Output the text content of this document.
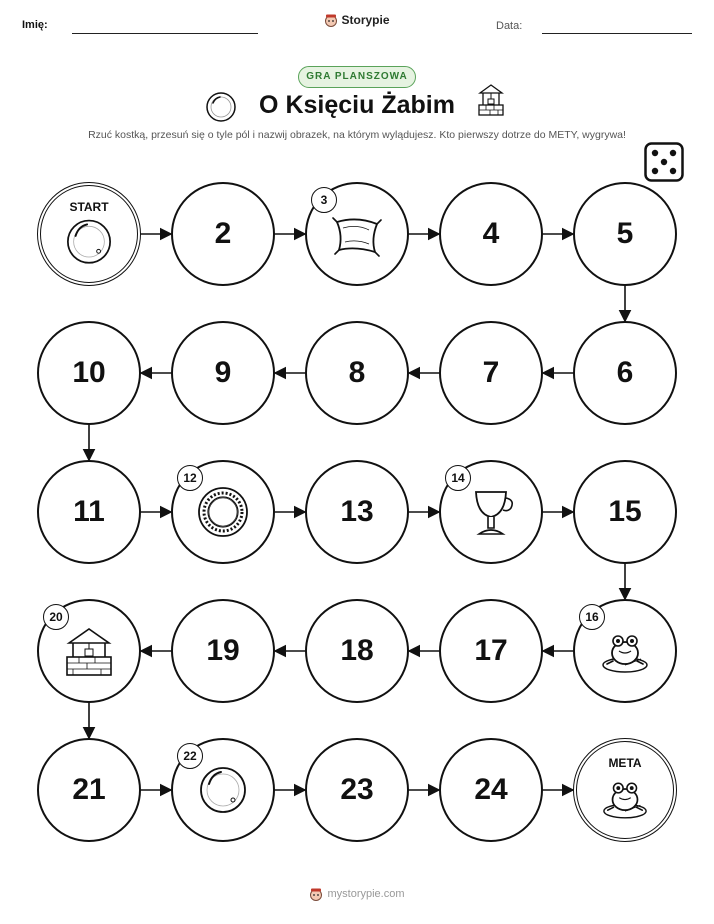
Imię:	Storypie	Data:
GRA PLANSZOWA
O Księciu Żabim
Rzuć kostką, przesuń się o tyle pól i nazwij obrazek, na którym wylądujesz. Kto pierwszy dotrze do METY, wygrywa!
START
2
3
4	5
6
7
8
9
10
11
12
13
14
15
16
17
18
19
20
21
22
23	24
META
mystorypie.com
